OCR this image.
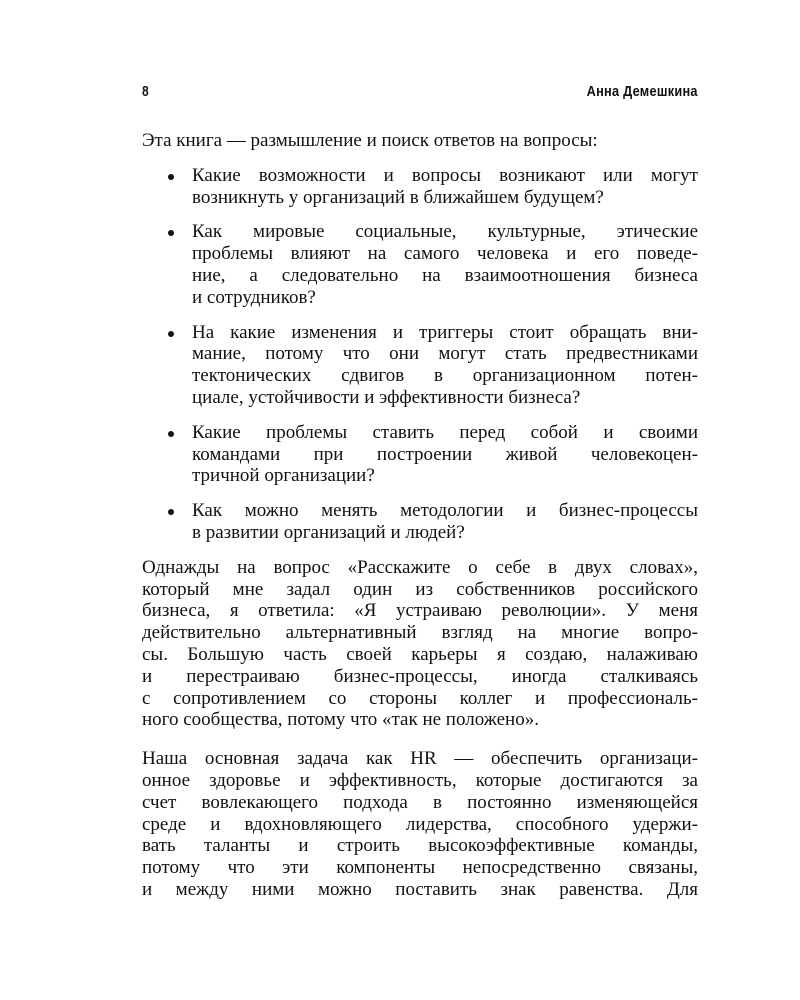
8	Анна Демешкина
Эта книга — размышление и поиск ответов на вопросы:
Какие возможности и вопросы возникают или могут
возникнуть у организаций в ближайшем будущем?
Как мировые социальные, культурные, этические
проблемы влияют на самого человека и его поведе-
ние, а следовательно на взаимоотношения бизнеса
и сотрудников?
На какие изменения и триггеры стоит обращать вни-
мание, потому что они могут стать предвестниками
тектонических сдвигов в организационном потен-
циале, устойчивости и эффективности бизнеса?
Какие проблемы ставить перед собой и своими
командами при построении живой человекоцен-
тричной организации?
Как можно менять методологии и бизнес-процессы
в развитии организаций и людей?
Однажды на вопрос «Расскажите о себе в двух словах»,
который мне задал один из собственников российского
бизнеса, я ответила: «Я устраиваю революции». У меня
действительно альтернативный взгляд на многие вопро-
сы. Большую часть своей карьеры я создаю, налаживаю
и перестраиваю бизнес-процессы, иногда сталкиваясь
с сопротивлением со стороны коллег и профессиональ-
ного сообщества, потому что «так не положено».
Наша основная задача как HR — обеспечить организаци-
онное здоровье и эффективность, которые достигаются за
счет вовлекающего подхода в постоянно изменяющейся
среде и вдохновляющего лидерства, способного удержи-
вать таланты и строить высокоэффективные команды,
потому что эти компоненты непосредственно связаны,
и между ними можно поставить знак равенства. Для
